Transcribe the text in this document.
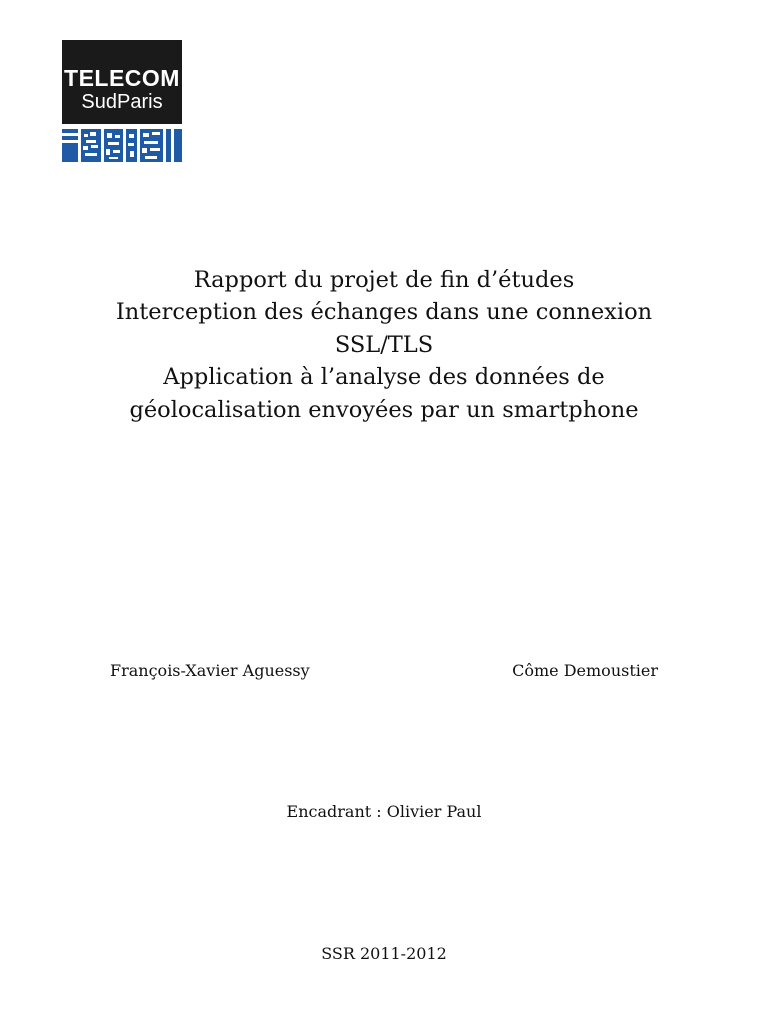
TELECOM
SudParis
Rapport du projet de fin d’études
Interception des échanges dans une connexion
SSL/TLS
Application à l’analyse des données de
géolocalisation envoyées par un smartphone
François-Xavier Aguessy	Côme Demoustier
Encadrant : Olivier Paul
SSR 2011-2012
